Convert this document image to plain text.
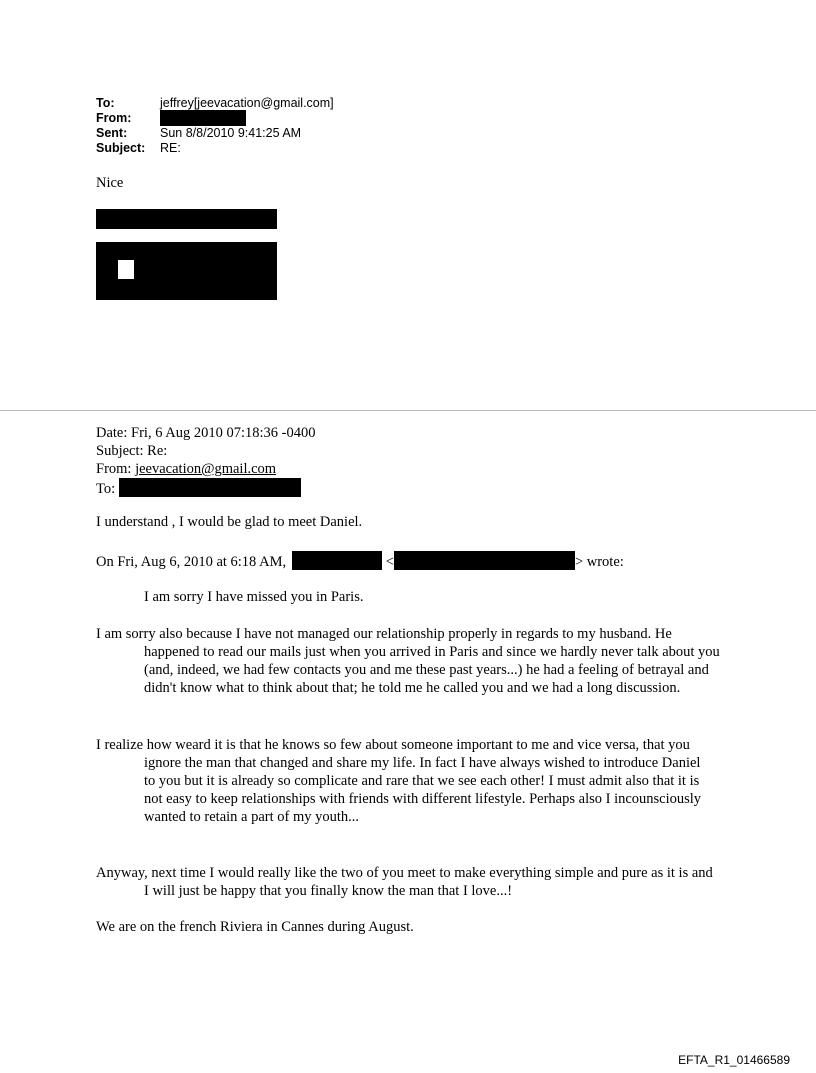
To:	jeffrey[jeevacation@gmail.com]
From:
Sent:	Sun 8/8/2010 9:41:25 AM
Subject:	RE:
Nice
Date: Fri, 6 Aug 2010 07:18:36 -0400
Subject: Re:
From: jeevacation@gmail.com
To:
I understand , I would be glad to meet Daniel.
On Fri, Aug 6, 2010 at 6:18 AM,	<	> wrote:
I am sorry I have missed you in Paris.
I am sorry also because I have not managed our relationship properly in regards to my husband. He happened to read our mails just when you arrived in Paris and since we hardly never talk about you (and, indeed, we had few contacts you and me these past years...) he had a feeling of betrayal and didn't know what to think about that; he told me he called you and we had a long discussion.
I realize how weard it is that he knows so few about someone important to me and vice versa, that you ignore the man that changed and share my life. In fact I have always wished to introduce Daniel to you but it is already so complicate and rare that we see each other! I must admit also that it is not easy to keep relationships with friends with different lifestyle. Perhaps also I incounsciously wanted to retain a part of my youth...
Anyway, next time I would really like the two of you meet to make everything simple and pure as it is and I will just be happy that you finally know the man that I love...!
We are on the french Riviera in Cannes during August.
EFTA_R1_01466589
